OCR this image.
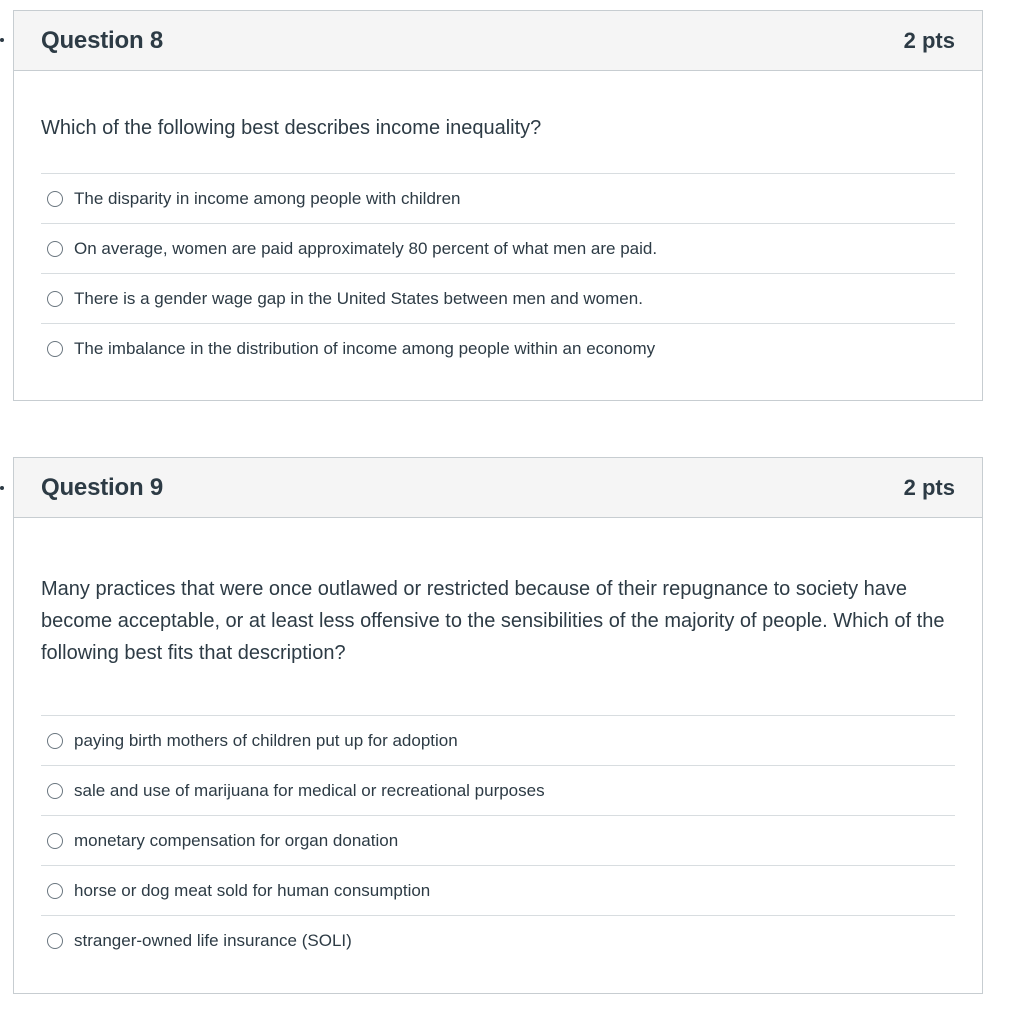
Question 8	2 pts
Which of the following best describes income inequality?
The disparity in income among people with children
On average, women are paid approximately 80 percent of what men are paid.
There is a gender wage gap in the United States between men and women.
The imbalance in the distribution of income among people within an economy
Question 9	2 pts
Many practices that were once outlawed or restricted because of their repugnance to society have become acceptable, or at least less offensive to the sensibilities of the majority of people. Which of the following best fits that description?
paying birth mothers of children put up for adoption
sale and use of marijuana for medical or recreational purposes
monetary compensation for organ donation
horse or dog meat sold for human consumption
stranger-owned life insurance (SOLI)
